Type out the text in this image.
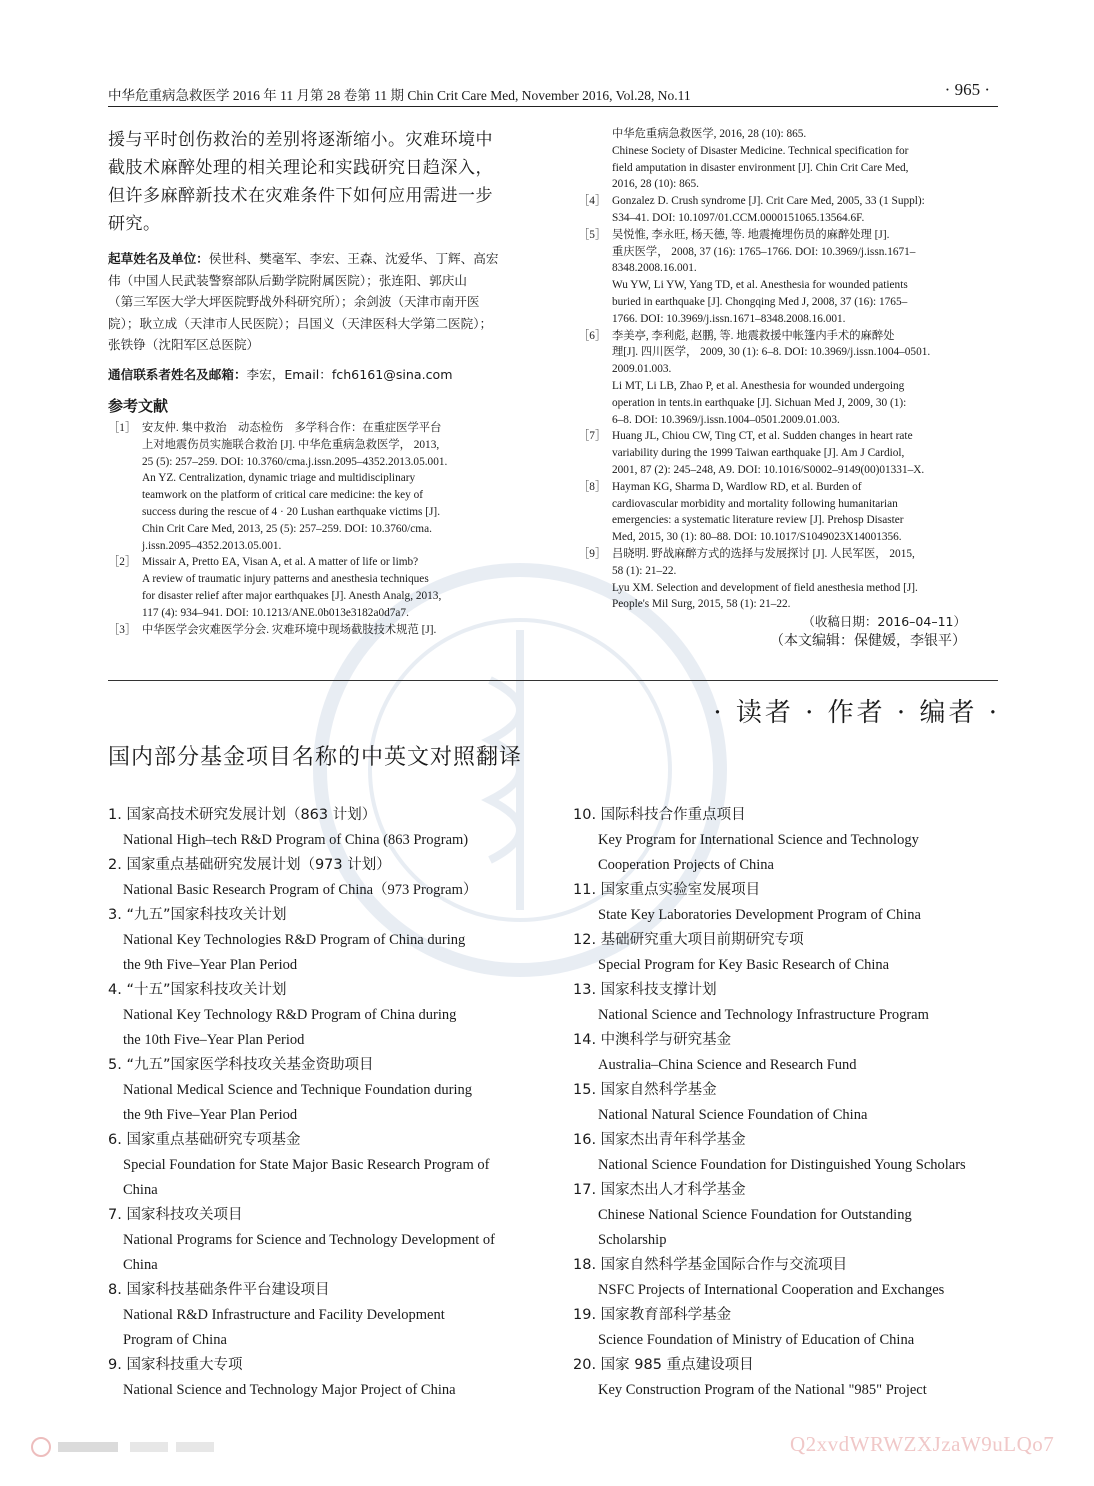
中华危重病急救医学 2016 年 11 月第 28 卷第 11 期 Chin Crit Care Med, November 2016, Vol.28, No.11	· 965 ·

援与平时创伤救治的差别将逐渐缩小。灾难环境中
截肢术麻醉处理的相关理论和实践研究日趋深入，
但许多麻醉新技术在灾难条件下如何应用需进一步
研究。

起草姓名及单位：侯世科、樊毫军、李宏、王森、沈爱华、丁辉、高宏
伟（中国人民武装警察部队后勤学院附属医院）；张连阳、郭庆山
（第三军医大学大坪医院野战外科研究所）；余剑波（天津市南开医
院）；耿立成（天津市人民医院）；吕国义（天津医科大学第二医院）；
张铁铮（沈阳军区总医院）
通信联系者姓名及邮箱：李宏，Email：fch6161@sina.com
参考文献
［1］ 安友仲. 集中救治　动态检伤　多学科合作：在重症医学平台
上对地震伤员实施联合救治 [J]. 中华危重病急救医学， 2013,
25 (5): 257–259. DOI: 10.3760/cma.j.issn.2095–4352.2013.05.001.
An YZ. Centralization, dynamic triage and multidisciplinary
teamwork on the platform of critical care medicine: the key of
success during the rescue of 4 · 20 Lushan earthquake victims [J].
Chin Crit Care Med, 2013, 25 (5): 257–259. DOI: 10.3760/cma.
j.issn.2095–4352.2013.05.001.
［2］ Missair A, Pretto EA, Visan A, et al. A matter of life or limb?
A review of traumatic injury patterns and anesthesia techniques
for disaster relief after major earthquakes [J]. Anesth Analg, 2013,
117 (4): 934–941. DOI: 10.1213/ANE.0b013e3182a0d7a7.
［3］ 中华医学会灾难医学分会. 灾难环境中现场截肢技术规范 [J].
中华危重病急救医学, 2016, 28 (10): 865.
Chinese Society of Disaster Medicine. Technical specification for
field amputation in disaster environment [J]. Chin Crit Care Med,
2016, 28 (10): 865.
［4］ Gonzalez D. Crush syndrome [J]. Crit Care Med, 2005, 33 (1 Suppl):
S34–41. DOI: 10.1097/01.CCM.0000151065.13564.6F.
［5］ 吴悦惟, 李永旺, 杨天德, 等. 地震掩埋伤员的麻醉处理 [J].
重庆医学， 2008, 37 (16): 1765–1766. DOI: 10.3969/j.issn.1671–
8348.2008.16.001.
Wu YW, Li YW, Yang TD, et al. Anesthesia for wounded patients
buried in earthquake [J]. Chongqing Med J, 2008, 37 (16): 1765–
1766. DOI: 10.3969/j.issn.1671–8348.2008.16.001.
［6］ 李美亭, 李利彪, 赵鹏, 等. 地震救援中帐篷内手术的麻醉处
理[J]. 四川医学， 2009, 30 (1): 6–8. DOI: 10.3969/j.issn.1004–0501.
2009.01.003.
Li MT, Li LB, Zhao P, et al. Anesthesia for wounded undergoing
operation in tents.in earthquake [J]. Sichuan Med J, 2009, 30 (1):
6–8. DOI: 10.3969/j.issn.1004–0501.2009.01.003.
［7］ Huang JL, Chiou CW, Ting CT, et al. Sudden changes in heart rate
variability during the 1999 Taiwan earthquake [J]. Am J Cardiol,
2001, 87 (2): 245–248, A9. DOI: 10.1016/S0002–9149(00)01331–X.
［8］ Hayman KG, Sharma D, Wardlow RD, et al. Burden of
cardiovascular morbidity and mortality following humanitarian
emergencies: a systematic literature review [J]. Prehosp Disaster
Med, 2015, 30 (1): 80–88. DOI: 10.1017/S1049023X14001356.
［9］ 吕晓明. 野战麻醉方式的选择与发展探讨 [J]. 人民军医， 2015,
58 (1): 21–22.
Lyu XM. Selection and development of field anesthesia method [J].
People's Mil Surg, 2015, 58 (1): 21–22.
（收稿日期：2016–04–11）
（本文编辑：保健媛，李银平）
· 读者 · 作者 · 编者 ·
国内部分基金项目名称的中英文对照翻译
1. 国家高技术研究发展计划（863 计划）
National High–tech R&D Program of China (863 Program)
2. 国家重点基础研究发展计划（973 计划）
National Basic Research Program of China（973 Program）
3. “九五”国家科技攻关计划
National Key Technologies R&D Program of China during
the 9th Five–Year Plan Period
4. “十五”国家科技攻关计划
National Key Technology R&D Program of China during
the 10th Five–Year Plan Period
5. “九五”国家医学科技攻关基金资助项目
National Medical Science and Technique Foundation during
the 9th Five–Year Plan Period
6. 国家重点基础研究专项基金
Special Foundation for State Major Basic Research Program of
China
7. 国家科技攻关项目
National Programs for Science and Technology Development of
China
8. 国家科技基础条件平台建设项目
National R&D Infrastructure and Facility Development
Program of China
9. 国家科技重大专项
National Science and Technology Major Project of China
10. 国际科技合作重点项目
Key Program for International Science and Technology
Cooperation Projects of China
11. 国家重点实验室发展项目
State Key Laboratories Development Program of China
12. 基础研究重大项目前期研究专项
Special Program for Key Basic Research of China
13. 国家科技支撑计划
National Science and Technology Infrastructure Program
14. 中澳科学与研究基金
Australia–China Science and Research Fund
15. 国家自然科学基金
National Natural Science Foundation of China
16. 国家杰出青年科学基金
National Science Foundation for Distinguished Young Scholars
17. 国家杰出人才科学基金
Chinese National Science Foundation for Outstanding
Scholarship
18. 国家自然科学基金国际合作与交流项目
NSFC Projects of International Cooperation and Exchanges
19. 国家教育部科学基金
Science Foundation of Ministry of Education of China
20. 国家 985 重点建设项目
Key Construction Program of the National "985" Project
Q2xvdWRWZXJzaW9uLQo7
